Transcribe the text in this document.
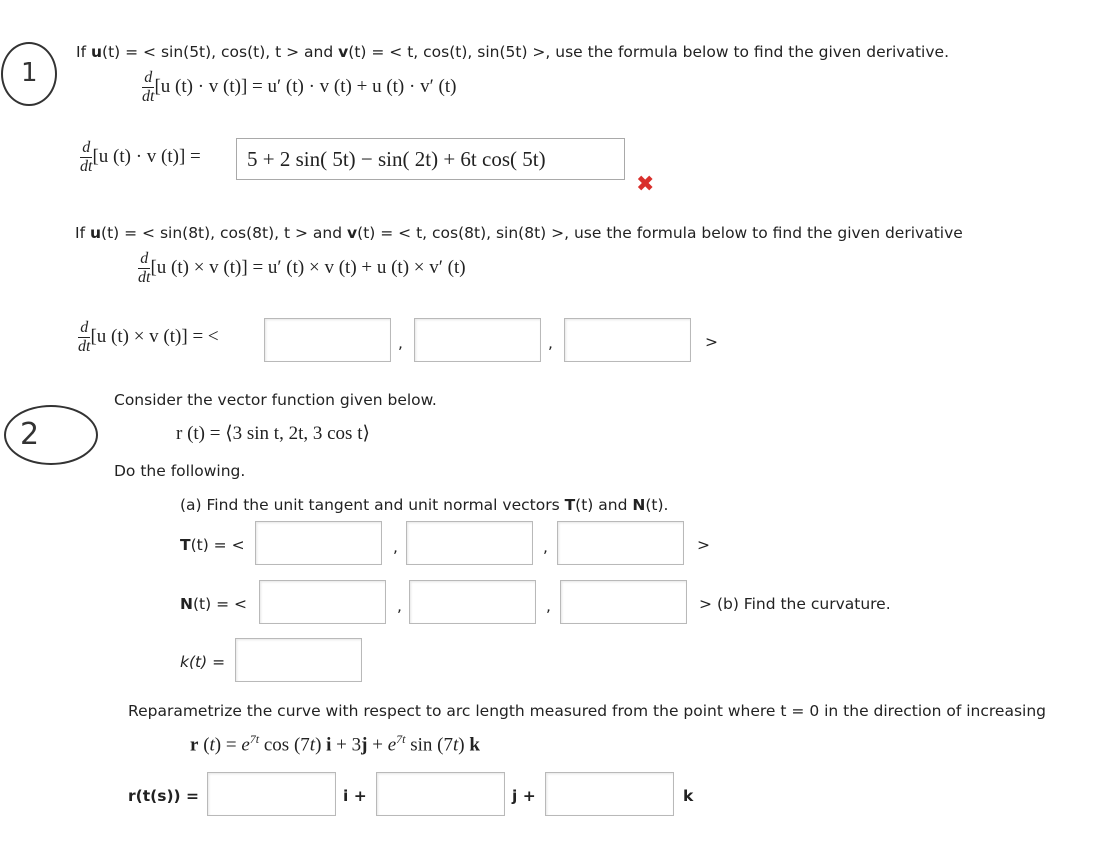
1
2
If u(t) = < sin(5t), cos(t), t > and v(t) = < t, cos(t), sin(5t) >, use the formula below to find the given derivative.
$\frac{d}{dt} [u$ (t) · v (t)] = u′ (t) · v (t) + u (t) · v′ (t)
$\frac{d}{dt} [u$ (t) · v (t)] =	5 + 2 sin( 5t) − sin( 2t) + 6t cos( 5t)
✖
If u(t) = < sin(8t), cos(8t), t > and v(t) = < t, cos(8t), sin(8t) >, use the formula below to find the given derivative
$\frac{d}{dt} [u$ (t) × v (t)] = u′ (t) × v (t) + u (t) × v′ (t)
$\frac{d}{dt} [u$ (t) × v (t)] = <	,	,	>
Consider the vector function given below.
r (t) = ⟨3 sin t, 2t, 3 cos t⟩
Do the following.
(a) Find the unit tangent and unit normal vectors T(t) and N(t).
T(t) = <	,	,	>
N(t) = <	,	,	> (b) Find the curvature.
k(t) =
Reparametrize the curve with respect to arc length measured from the point where t = 0 in the direction of increasing
r $(t) = e^{7t}$ cos (7t) $i + 3j + e^{7t}$ sin (7t) k
r(t(s)) =	i +	j +	k
